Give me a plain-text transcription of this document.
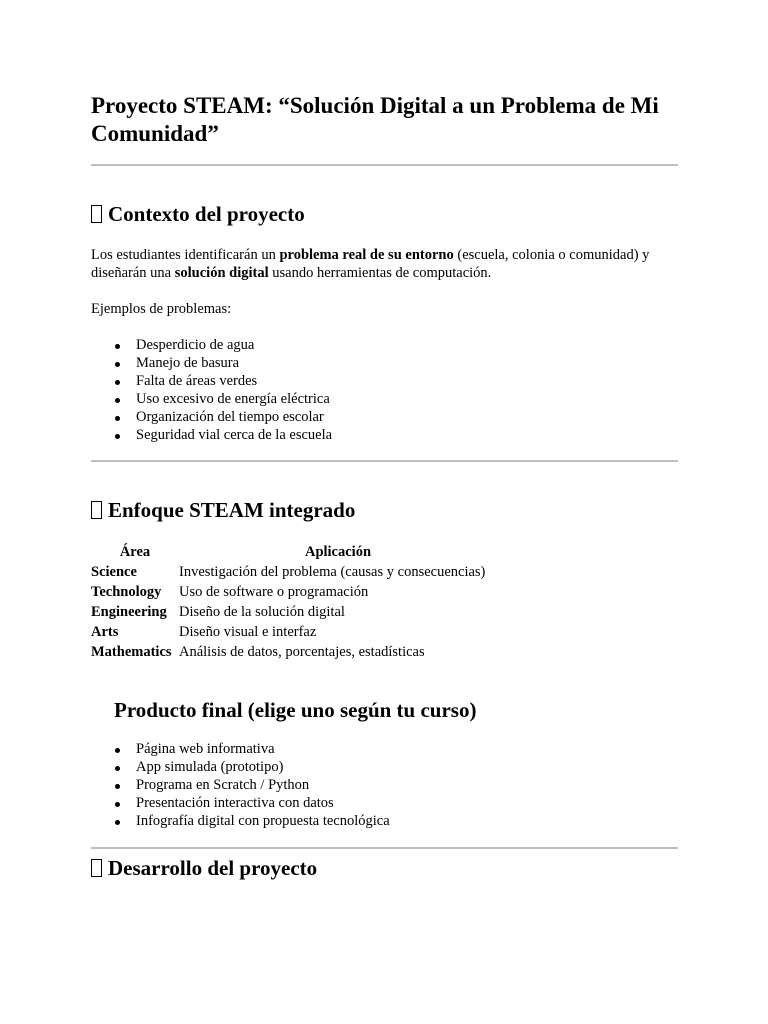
Proyecto STEAM: “Solución Digital a un Problema de Mi Comunidad”
Contexto del proyecto

Los estudiantes identificarán un problema real de su entorno (escuela, colonia o comunidad) y diseñarán una solución digital usando herramientas de computación.

Ejemplos de problemas:

Desperdicio de agua
Manejo de basura
Falta de áreas verdes
Uso excesivo de energía eléctrica
Organización del tiempo escolar
Seguridad vial cerca de la escuela
Enfoque STEAM integrado
Área	Aplicación
Science	Investigación del problema (causas y consecuencias)
Technology	Uso de software o programación
Engineering	Diseño de la solución digital
Arts	Diseño visual e interfaz
Mathematics	Análisis de datos, porcentajes, estadísticas
Producto final (elige uno según tu curso)
Página web informativa
App simulada (prototipo)
Programa en Scratch / Python
Presentación interactiva con datos
Infografía digital con propuesta tecnológica
Desarrollo del proyecto
